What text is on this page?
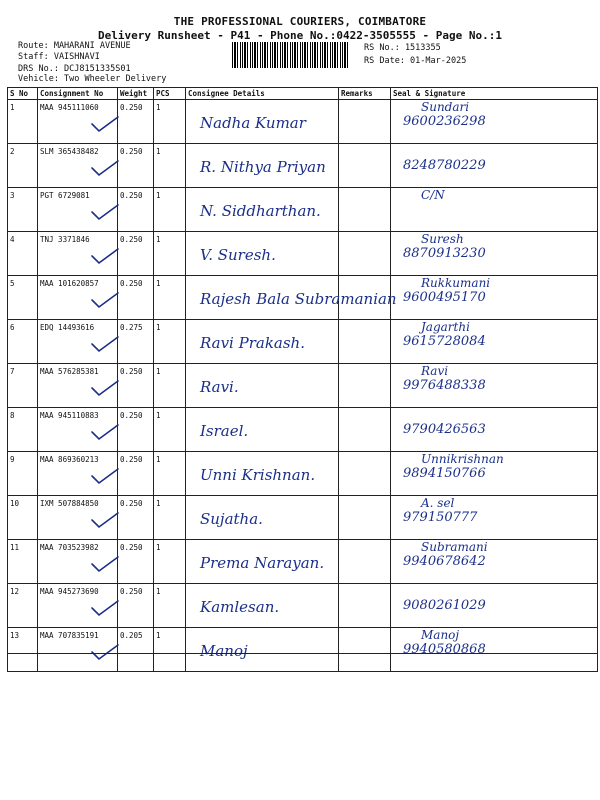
THE PROFESSIONAL COURIERS, COIMBATORE
Delivery Runsheet - P41 - Phone No.:0422-3505555 - Page No.:1
Route: MAHARANI AVENUE
Staff: VAISHNAVI
DRS No.: DCJ8151335S01
Vehicle: Two Wheeler Delivery
RS No.: 1513355
RS Date: 01-Mar-2025
S No	Consignment No	Weight	PCS	Consignee Details	Remarks	Seal & Signature
1	MAA 945111060	0.250	1	Nadha Kumar		Sundari
9600236298

2	SLM 365438482	0.250	1	R. Nithya Priyan		8248780229

3	PGT 6729081	0.250	1	N. Siddharthan.		C/N

4	TNJ 3371846	0.250	1	V. Suresh.		Suresh
8870913230

5	MAA 101620857	0.250	1	Rajesh Bala Subramanian		Rukkumani
9600495170

6	EDQ 14493616	0.275	1	Ravi Prakash.		Jagarthi
9615728084

7	MAA 576285381	0.250	1	Ravi.		Ravi
9976488338

8	MAA 945110883	0.250	1	Israel.		9790426563

9	MAA 869360213	0.250	1	Unni Krishnan.		Unnikrishnan
9894150766

10	IXM 507884850	0.250	1	Sujatha.		A. sel
979150777

11	MAA 703523982	0.250	1	Prema Narayan.		Subramani
9940678642

12	MAA 945273690	0.250	1	Kamlesan.		9080261029

13	MAA 707835191	0.205	1	Manoj		Manoj
9940580868
